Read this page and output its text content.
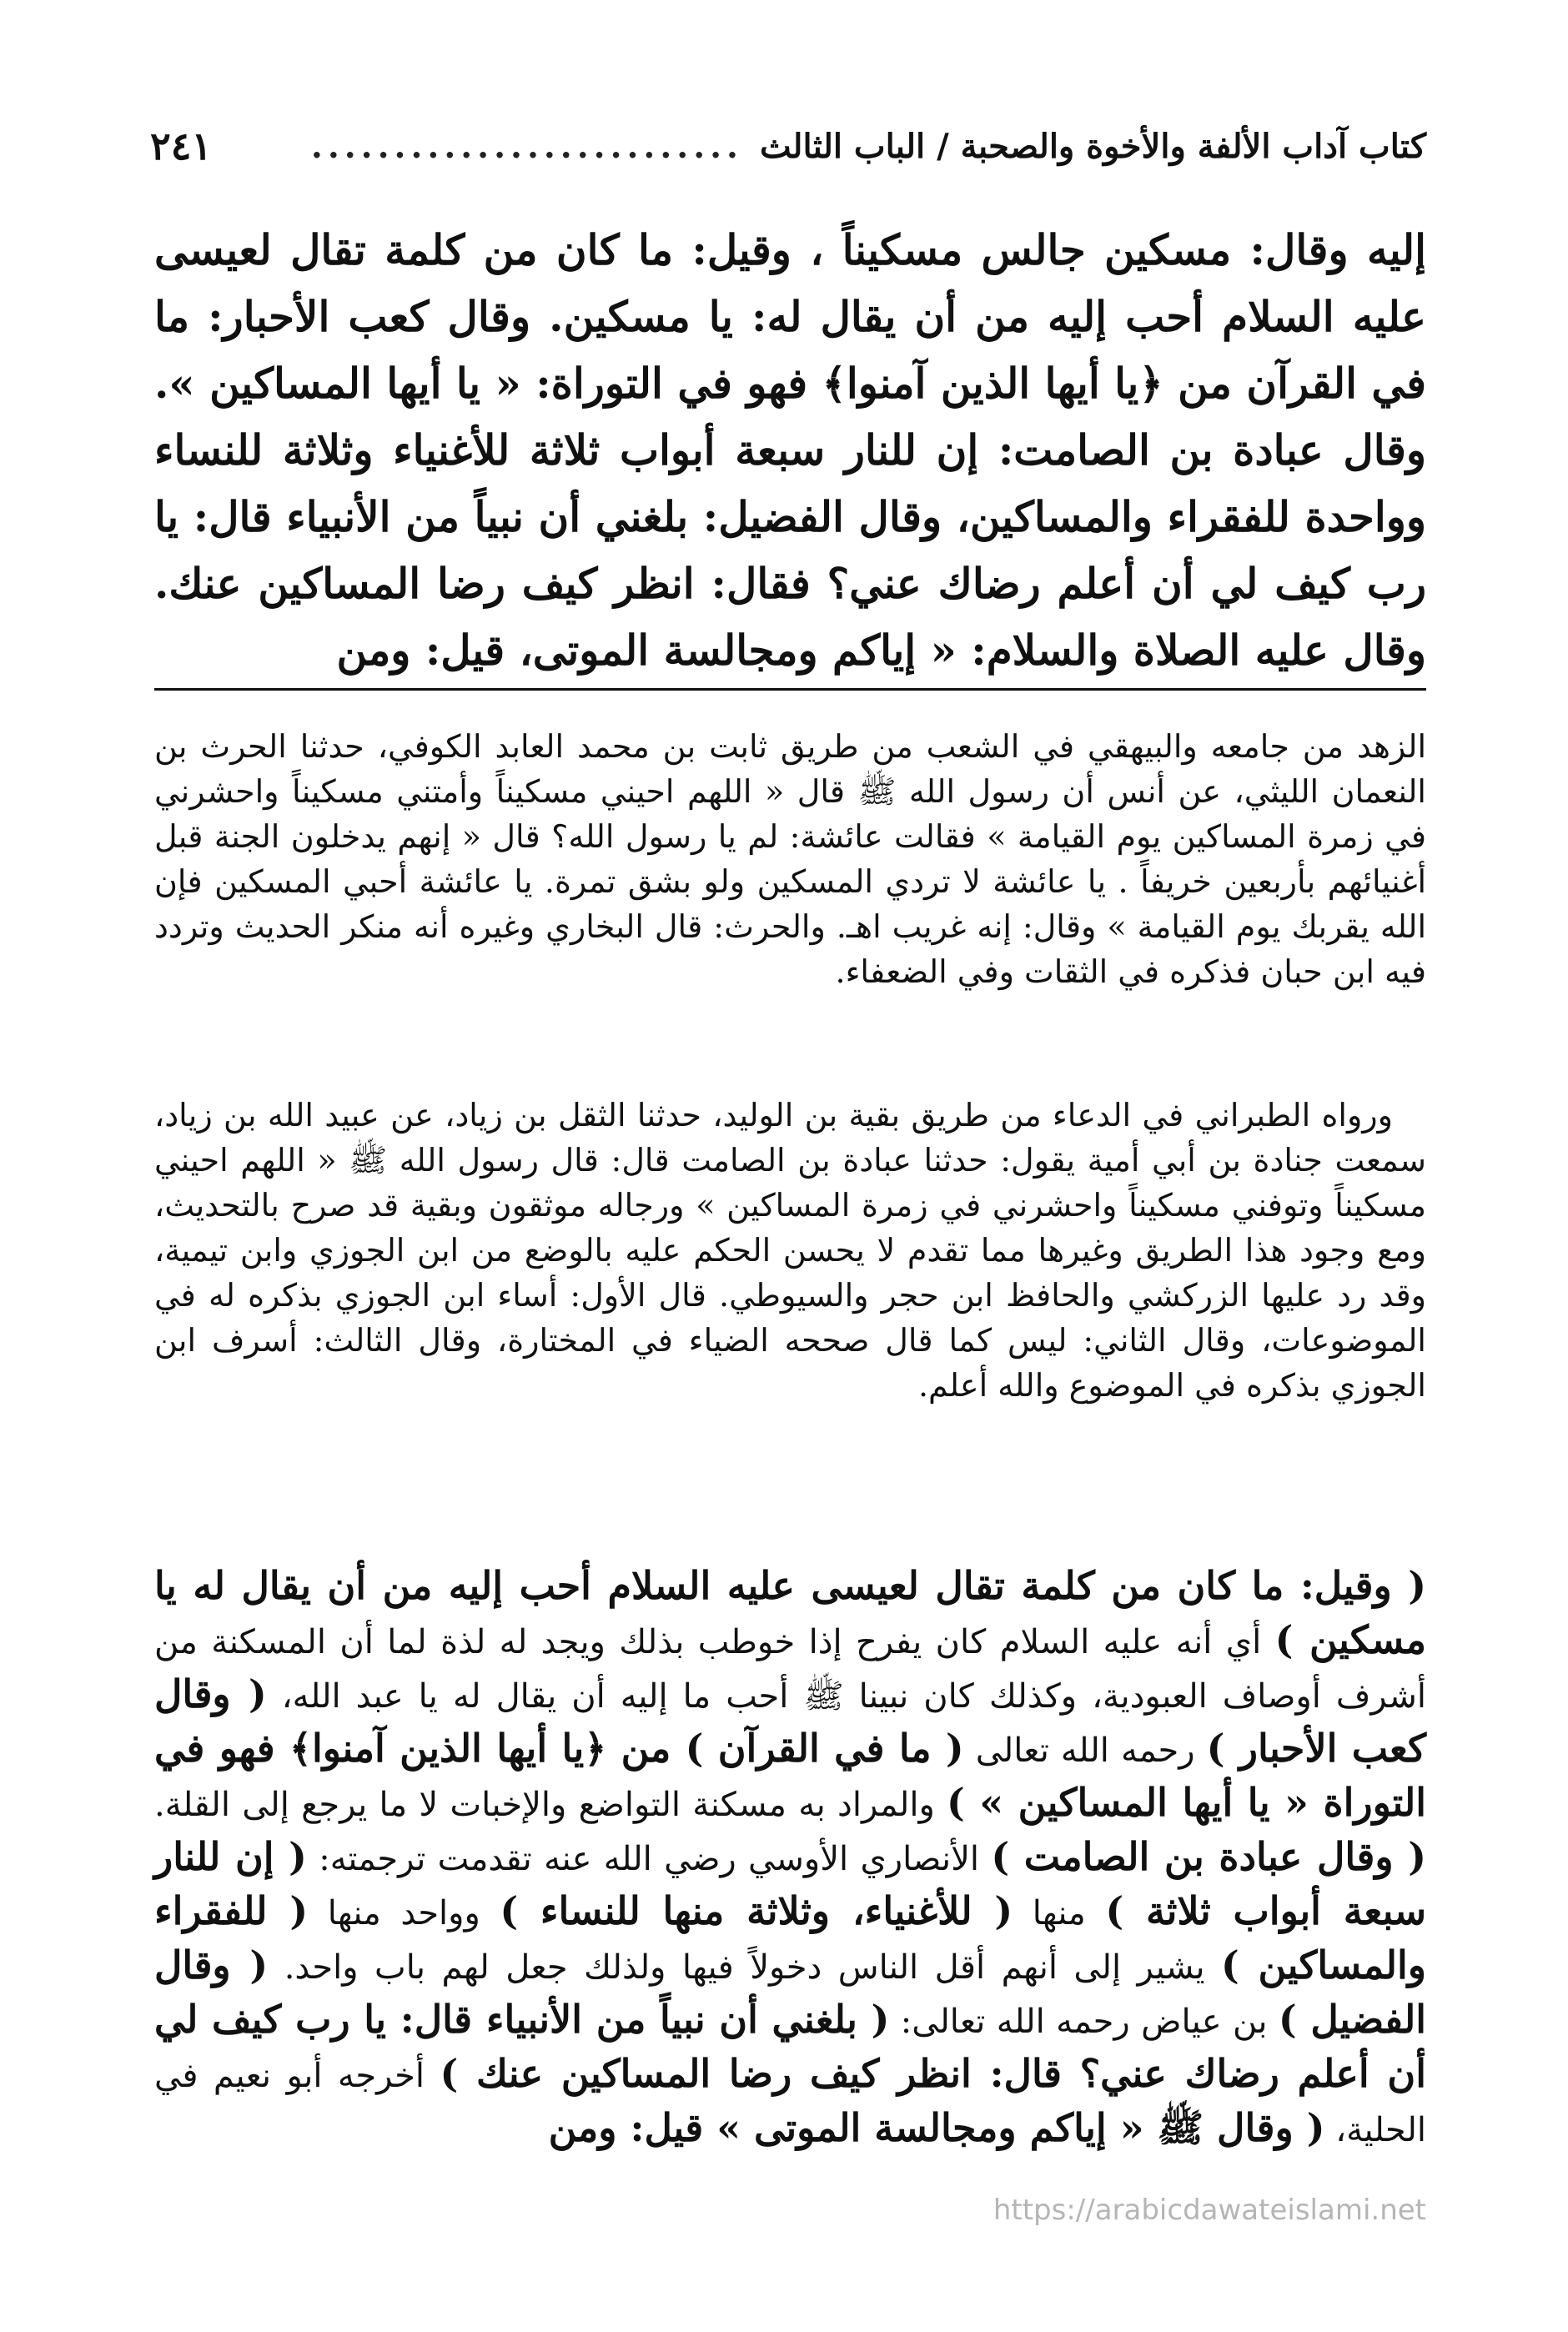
كتاب آداب الألفة والأخوة والصحبة / الباب الثالث
..........................
٢٤١
إليه وقال: مسكين جالس مسكيناً ، وقيل: ما كان من كلمة تقال لعيسى عليه السلام أحب إليه من أن يقال له: يا مسكين. وقال كعب الأحبار: ما في القرآن من ﴿يا أيها الذين آمنوا﴾ فهو في التوراة: « يا أيها المساكين ». وقال عبادة بن الصامت: إن للنار سبعة أبواب ثلاثة للأغنياء وثلاثة للنساء وواحدة للفقراء والمساكين، وقال الفضيل: بلغني أن نبياً من الأنبياء قال: يا رب كيف لي أن أعلم رضاك عني؟ فقال: انظر كيف رضا المساكين عنك. وقال عليه الصلاة والسلام: « إياكم ومجالسة الموتى، قيل: ومن
الزهد من جامعه والبيهقي في الشعب من طريق ثابت بن محمد العابد الكوفي، حدثنا الحرث بن النعمان الليثي، عن أنس أن رسول الله ﷺ قال « اللهم احيني مسكيناً وأمتني مسكيناً واحشرني في زمرة المساكين يوم القيامة » فقالت عائشة: لم يا رسول الله؟ قال « إنهم يدخلون الجنة قبل أغنيائهم بأربعين خريفاً . يا عائشة لا تردي المسكين ولو بشق تمرة. يا عائشة أحبي المسكين فإن الله يقربك يوم القيامة » وقال: إنه غريب اهـ. والحرث: قال البخاري وغيره أنه منكر الحديث وتردد فيه ابن حبان فذكره في الثقات وفي الضعفاء.
ورواه الطبراني في الدعاء من طريق بقية بن الوليد، حدثنا الثقل بن زياد، عن عبيد الله بن زياد، سمعت جنادة بن أبي أمية يقول: حدثنا عبادة بن الصامت قال: قال رسول الله ﷺ « اللهم احيني مسكيناً وتوفني مسكيناً واحشرني في زمرة المساكين » ورجاله موثقون وبقية قد صرح بالتحديث، ومع وجود هذا الطريق وغيرها مما تقدم لا يحسن الحكم عليه بالوضع من ابن الجوزي وابن تيمية، وقد رد عليها الزركشي والحافظ ابن حجر والسيوطي. قال الأول: أساء ابن الجوزي بذكره له في الموضوعات، وقال الثاني: ليس كما قال صححه الضياء في المختارة، وقال الثالث: أسرف ابن الجوزي بذكره في الموضوع والله أعلم.
( وقيل: ما كان من كلمة تقال لعيسى عليه السلام أحب إليه من أن يقال له يا مسكين ) أي أنه عليه السلام كان يفرح إذا خوطب بذلك ويجد له لذة لما أن المسكنة من أشرف أوصاف العبودية، وكذلك كان نبينا ﷺ أحب ما إليه أن يقال له يا عبد الله، ( وقال كعب الأحبار ) رحمه الله تعالى ( ما في القرآن ) من ﴿يا أيها الذين آمنوا﴾ فهو في التوراة « يا أيها المساكين » ) والمراد به مسكنة التواضع والإخبات لا ما يرجع إلى القلة. ( وقال عبادة بن الصامت ) الأنصاري الأوسي رضي الله عنه تقدمت ترجمته: ( إن للنار سبعة أبواب ثلاثة ) منها ( للأغنياء، وثلاثة منها للنساء ) وواحد منها ( للفقراء والمساكين ) يشير إلى أنهم أقل الناس دخولاً فيها ولذلك جعل لهم باب واحد. ( وقال الفضيل ) بن عياض رحمه الله تعالى: ( بلغني أن نبياً من الأنبياء قال: يا رب كيف لي أن أعلم رضاك عني؟ قال: انظر كيف رضا المساكين عنك ) أخرجه أبو نعيم في الحلية، ( وقال ﷺ « إياكم ومجالسة الموتى » قيل: ومن
https://arabicdawateislami.net
